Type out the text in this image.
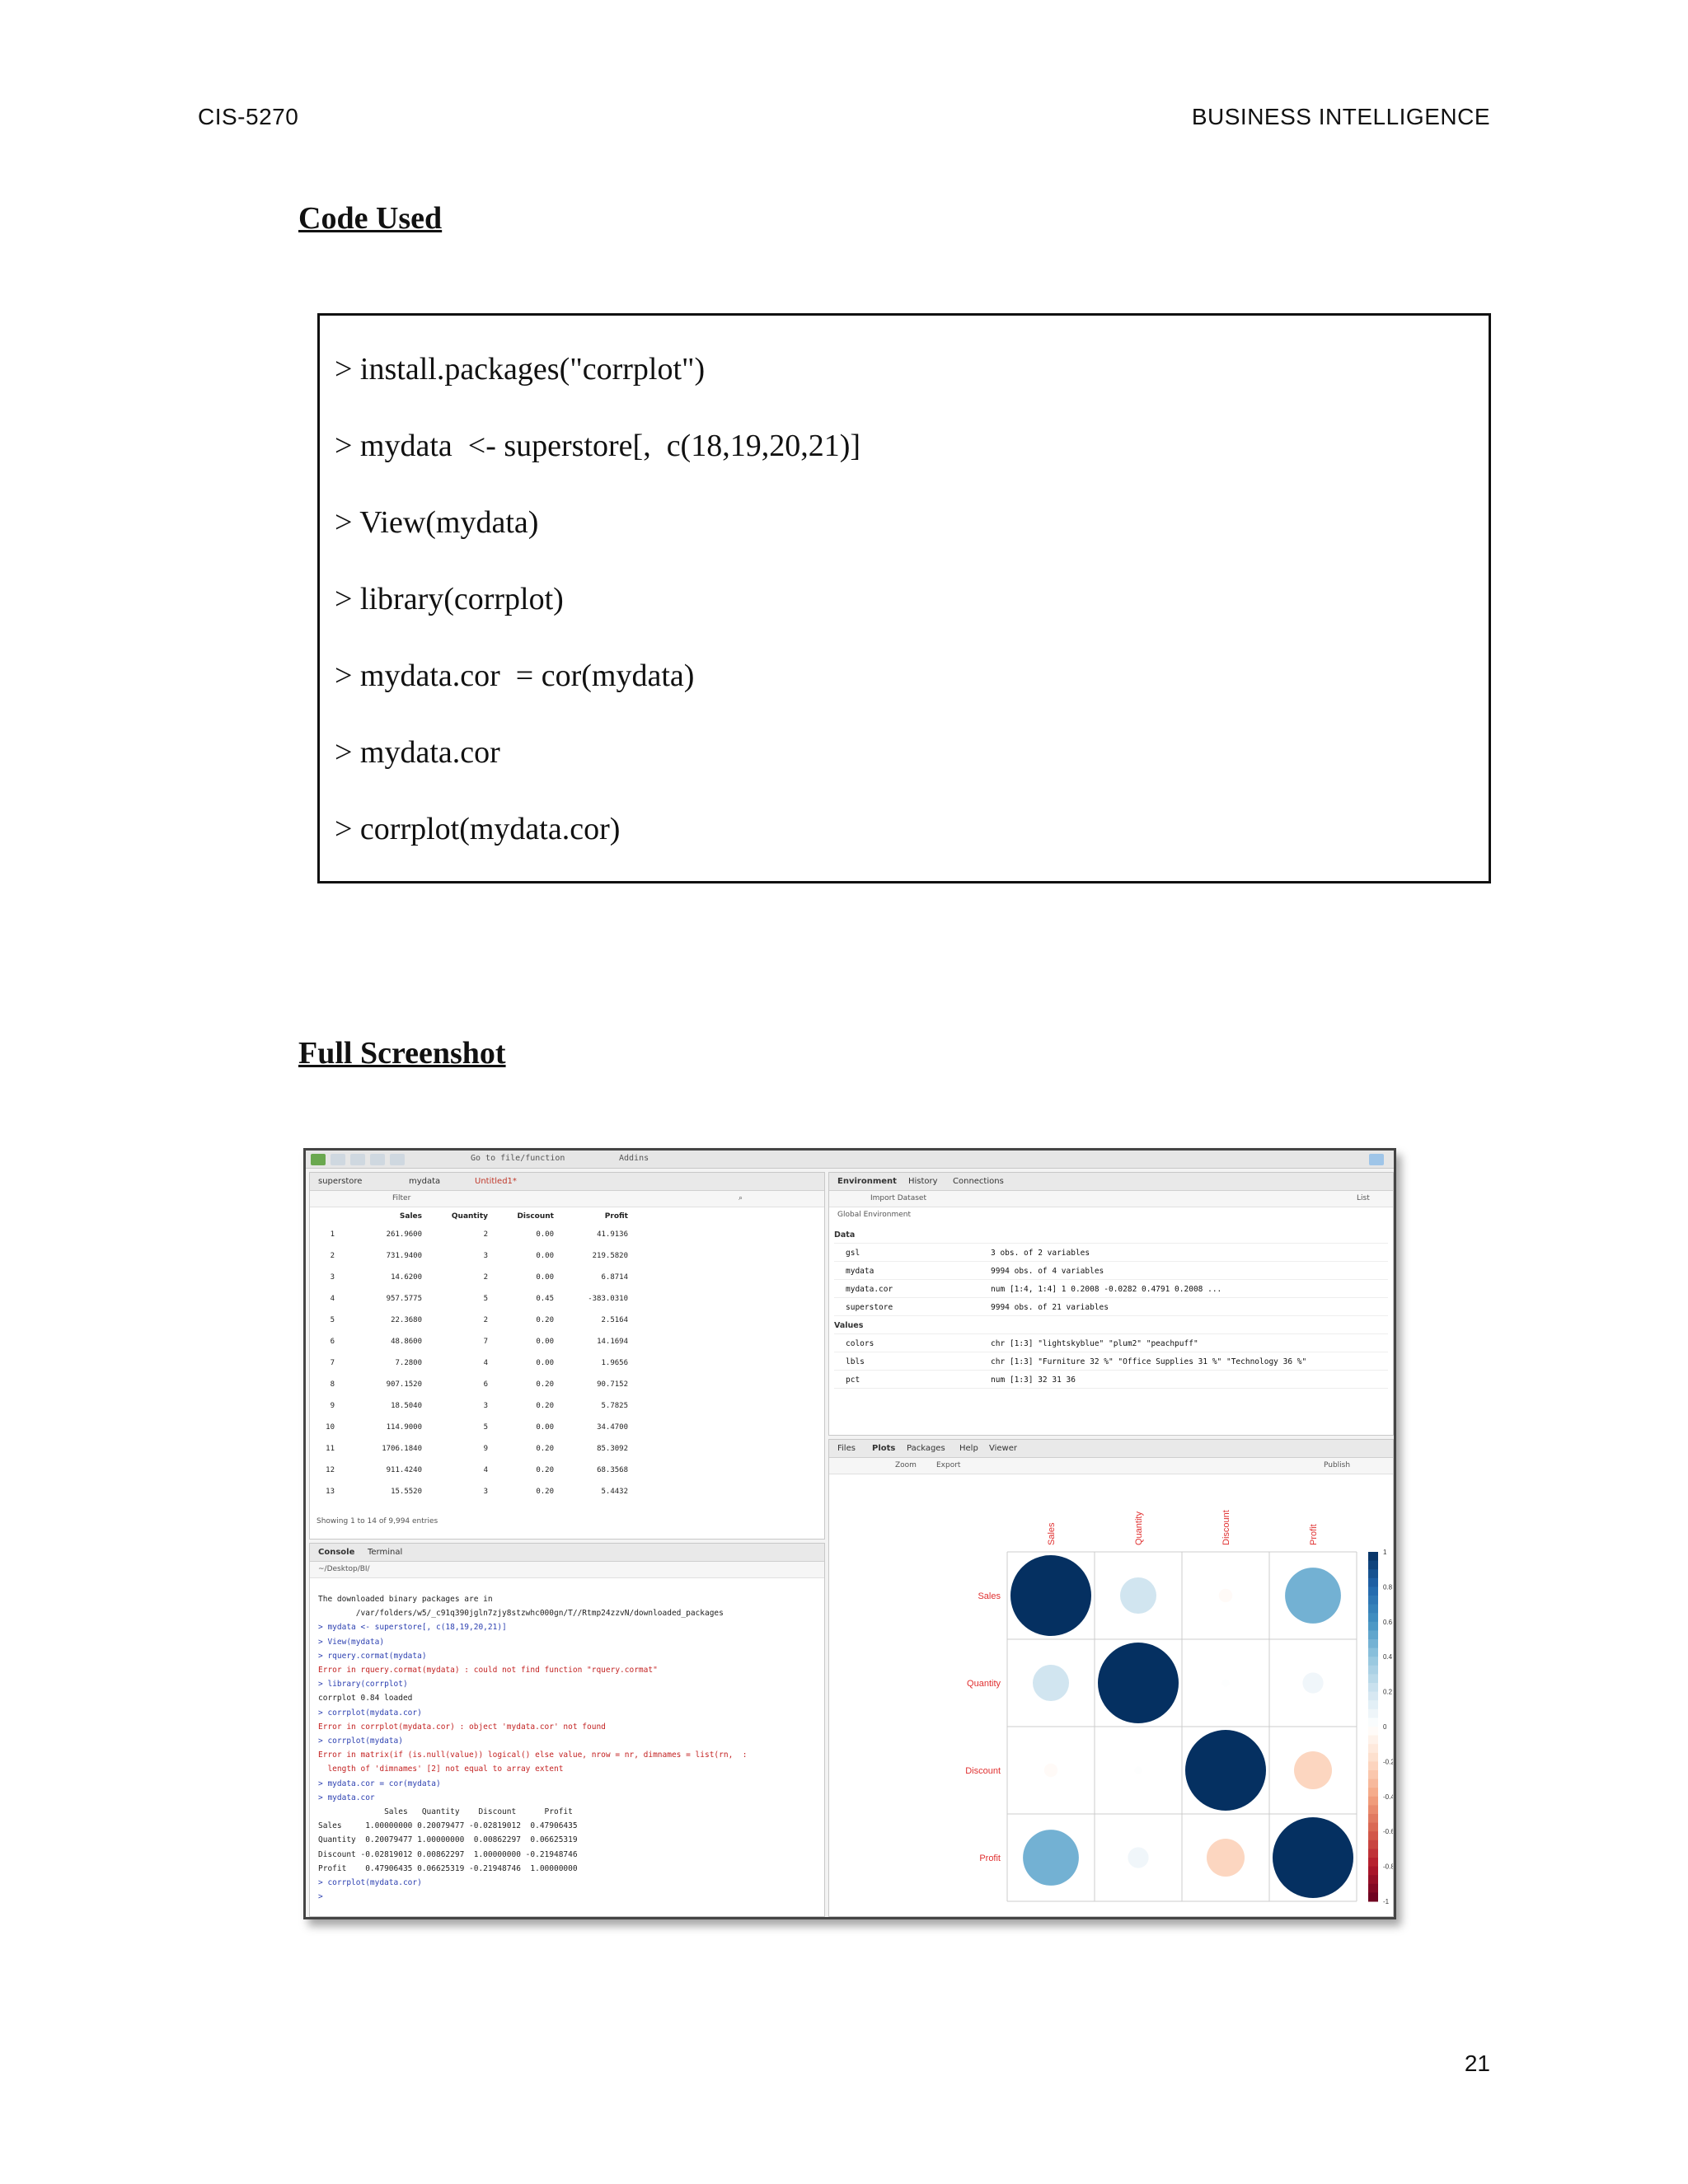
CIS-5270	BUSINESS INTELLIGENCE
Code Used
> install.packages("corrplot")
> mydata  <- superstore[,  c(18,19,20,21)]
> View(mydata)
> library(corrplot)
> mydata.cor  = cor(mydata)
> mydata.cor
> corrplot(mydata.cor)
Full Screenshot
Go to file/function	Addins
superstore	mydata	Untitled1*
Filter	⌕
Sales	Quantity	Discount	Profit
1	261.9600	2	0.00	41.9136
2	731.9400	3	0.00	219.5820
3	14.6200	2	0.00	6.8714
4	957.5775	5	0.45	-383.0310
5	22.3680	2	0.20	2.5164
6	48.8600	7	0.00	14.1694
7	7.2800	4	0.00	1.9656
8	907.1520	6	0.20	90.7152
9	18.5040	3	0.20	5.7825
10	114.9000	5	0.00	34.4700
11	1706.1840	9	0.20	85.3092
12	911.4240	4	0.20	68.3568
13	15.5520	3	0.20	5.4432
Showing 1 to 14 of 9,994 entries
Console Terminal
~/Desktop/BI/
The downloaded binary packages are in
/var/folders/w5/_c91q390jgln7zjy8stzwhc000gn/T//Rtmp24zzvN/downloaded_packages
> mydata <- superstore[, c(18,19,20,21)]
> View(mydata)
> rquery.cormat(mydata)
Error in rquery.cormat(mydata) : could not find function "rquery.cormat"
> library(corrplot)
corrplot 0.84 loaded
> corrplot(mydata.cor)
Error in corrplot(mydata.cor) : object 'mydata.cor' not found
> corrplot(mydata)
Error in matrix(if (is.null(value)) logical() else value, nrow = nr, dimnames = list(rn,  :
length of 'dimnames' [2] not equal to array extent
> mydata.cor = cor(mydata)
> mydata.cor
Sales   Quantity    Discount      Profit
Sales     1.00000000 0.20079477 -0.02819012  0.47906435
Quantity  0.20079477 1.00000000  0.00862297  0.06625319
Discount -0.02819012 0.00862297  1.00000000 -0.21948746
Profit    0.47906435 0.06625319 -0.21948746  1.00000000
> corrplot(mydata.cor)
>
Environment History Connections
Import Dataset	List
Global Environment
Data
gsl	3 obs. of 2 variables
mydata	9994 obs. of 4 variables
mydata.cor	num [1:4, 1:4] 1 0.2008 -0.0282 0.4791 0.2008 ...
superstore	9994 obs. of 21 variables
Values
colors	chr [1:3] "lightskyblue" "plum2" "peachpuff"
lbls	chr [1:3] "Furniture 32 %" "Office Supplies 31 %" "Technology 36 %"
pct	num [1:3] 32 31 36
Files Plots Packages Help Viewer
Zoom	Export	Publish
Sales
Sales
Quantity
Quantity
Discount
Discount
Profit
Profit
1
0.8
0.6
0.4
0.2
0
-0.2
-0.4
-0.6
-0.8
-1
21
